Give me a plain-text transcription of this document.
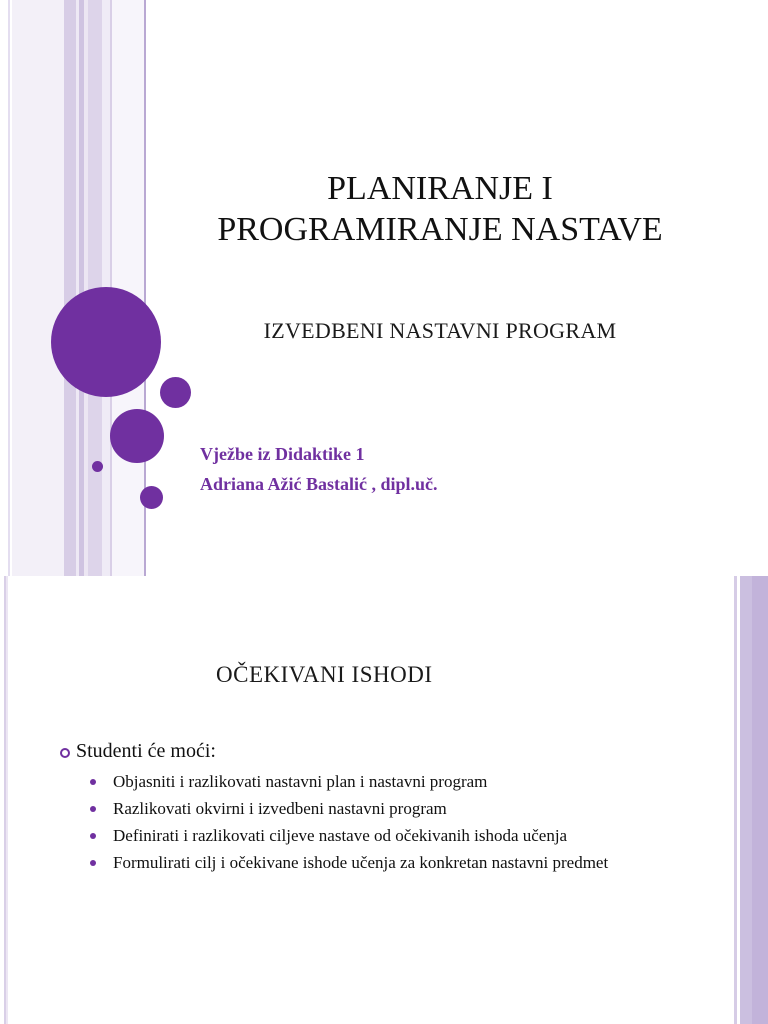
PLANIRANJE I
PROGRAMIRANJE NASTAVE
IZVEDBENI NASTAVNI PROGRAM
Vježbe iz Didaktike 1
Adriana Ažić Bastalić , dipl.uč.
OČEKIVANI ISHODI
Studenti će moći:
Objasniti i razlikovati nastavni plan i nastavni program
Razlikovati okvirni i izvedbeni nastavni program
Definirati i razlikovati ciljeve nastave od očekivanih ishoda učenja
Formulirati cilj i očekivane ishode učenja za konkretan nastavni predmet
